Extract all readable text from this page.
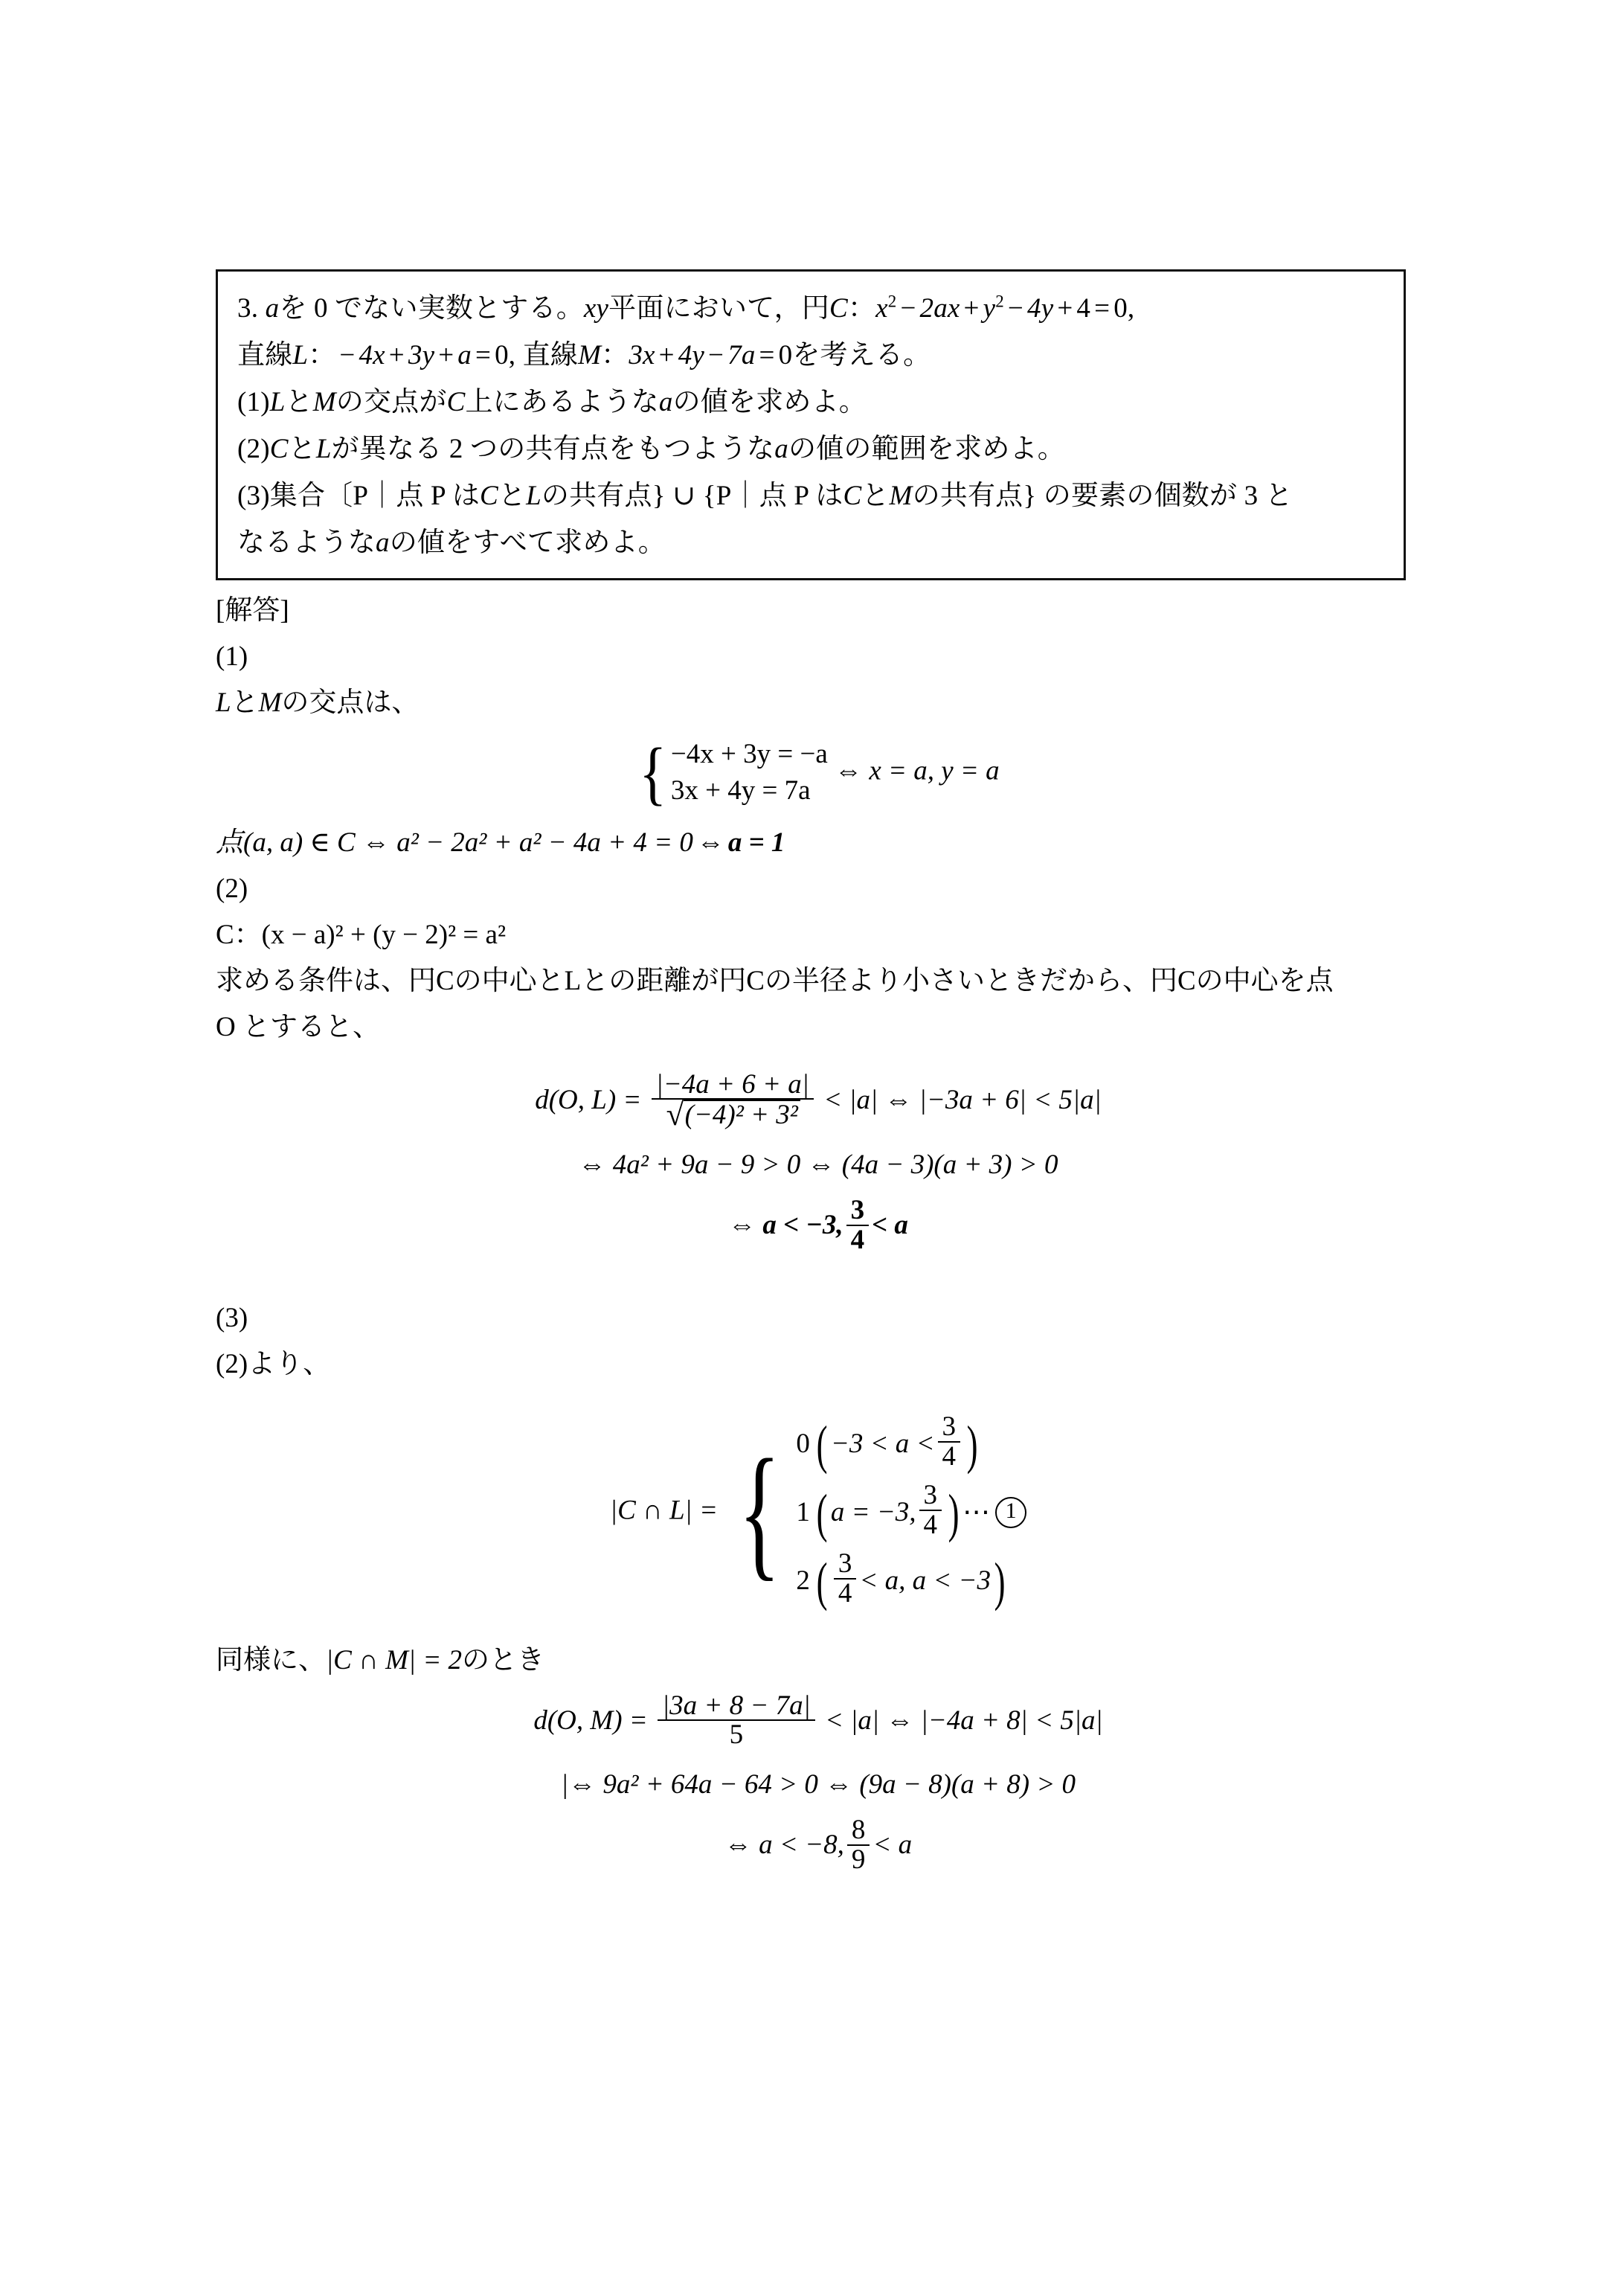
3. aを 0 でない実数とする。xy平面において，円C：$x^2 - 2ax + y^2 - 4y + 4 = 0$,
直線L： − 4x + 3y + a = 0, 直線M：3x + 4y − 7a = 0を考える。
(1)LとMの交点がC上にあるようなaの値を求めよ。
(2)CとLが異なる 2 つの共有点をもつようなaの値の範囲を求めよ。
(3)集合〔P｜点 P はCとLの共有点} ∪ {P｜点 P はCとMの共有点} の要素の個数が 3 と
なるようなaの値をすべて求めよ。
[解答]
(1)
LとMの交点は、
{ −4x + 3y = −a
3x + 4y = 7a
⇔ x = a, y = a
点(a, a) ∈ C ⇔ a² − 2a² + a² − 4a + 4 = 0 ⇔ a = 1
(2)
C：(x − a)² + (y − 2)² = a²
求める条件は、円Cの中心とLとの距離が円Cの半径より小さいときだから、円Cの中心を点
O とすると、
d(O, L) = |−4a + 6 + a|
√ (−4)² + 3² < |a| ⇔ |−3a + 6| < 5|a|
⇔ 4a² + 9a − 9 > 0 ⇔ (4a − 3)(a + 3) > 0
⇔ a < −3, $\frac{3}{4} < a$
(3)
(2)より、
|C ∩ L| = { 0 ( $-3 < a < \frac{3}{4}$ )
1 ( a = −3, $\frac{3}{4}$ ) ⋯ 1
2 ( $\frac{3}{4} < a$, a < −3 )
同様に、|C ∩ M| = 2のとき
d(O, $M) = \frac{|3a + 8 - 7a|}{5} < |a|$ ⇔ |−4a + 8| < 5|a|
|⇔ 9a² + 64a − 64 > 0 ⇔ (9a − 8)(a + 8) > 0
⇔ a < −8, $\frac{8}{9} < a$
